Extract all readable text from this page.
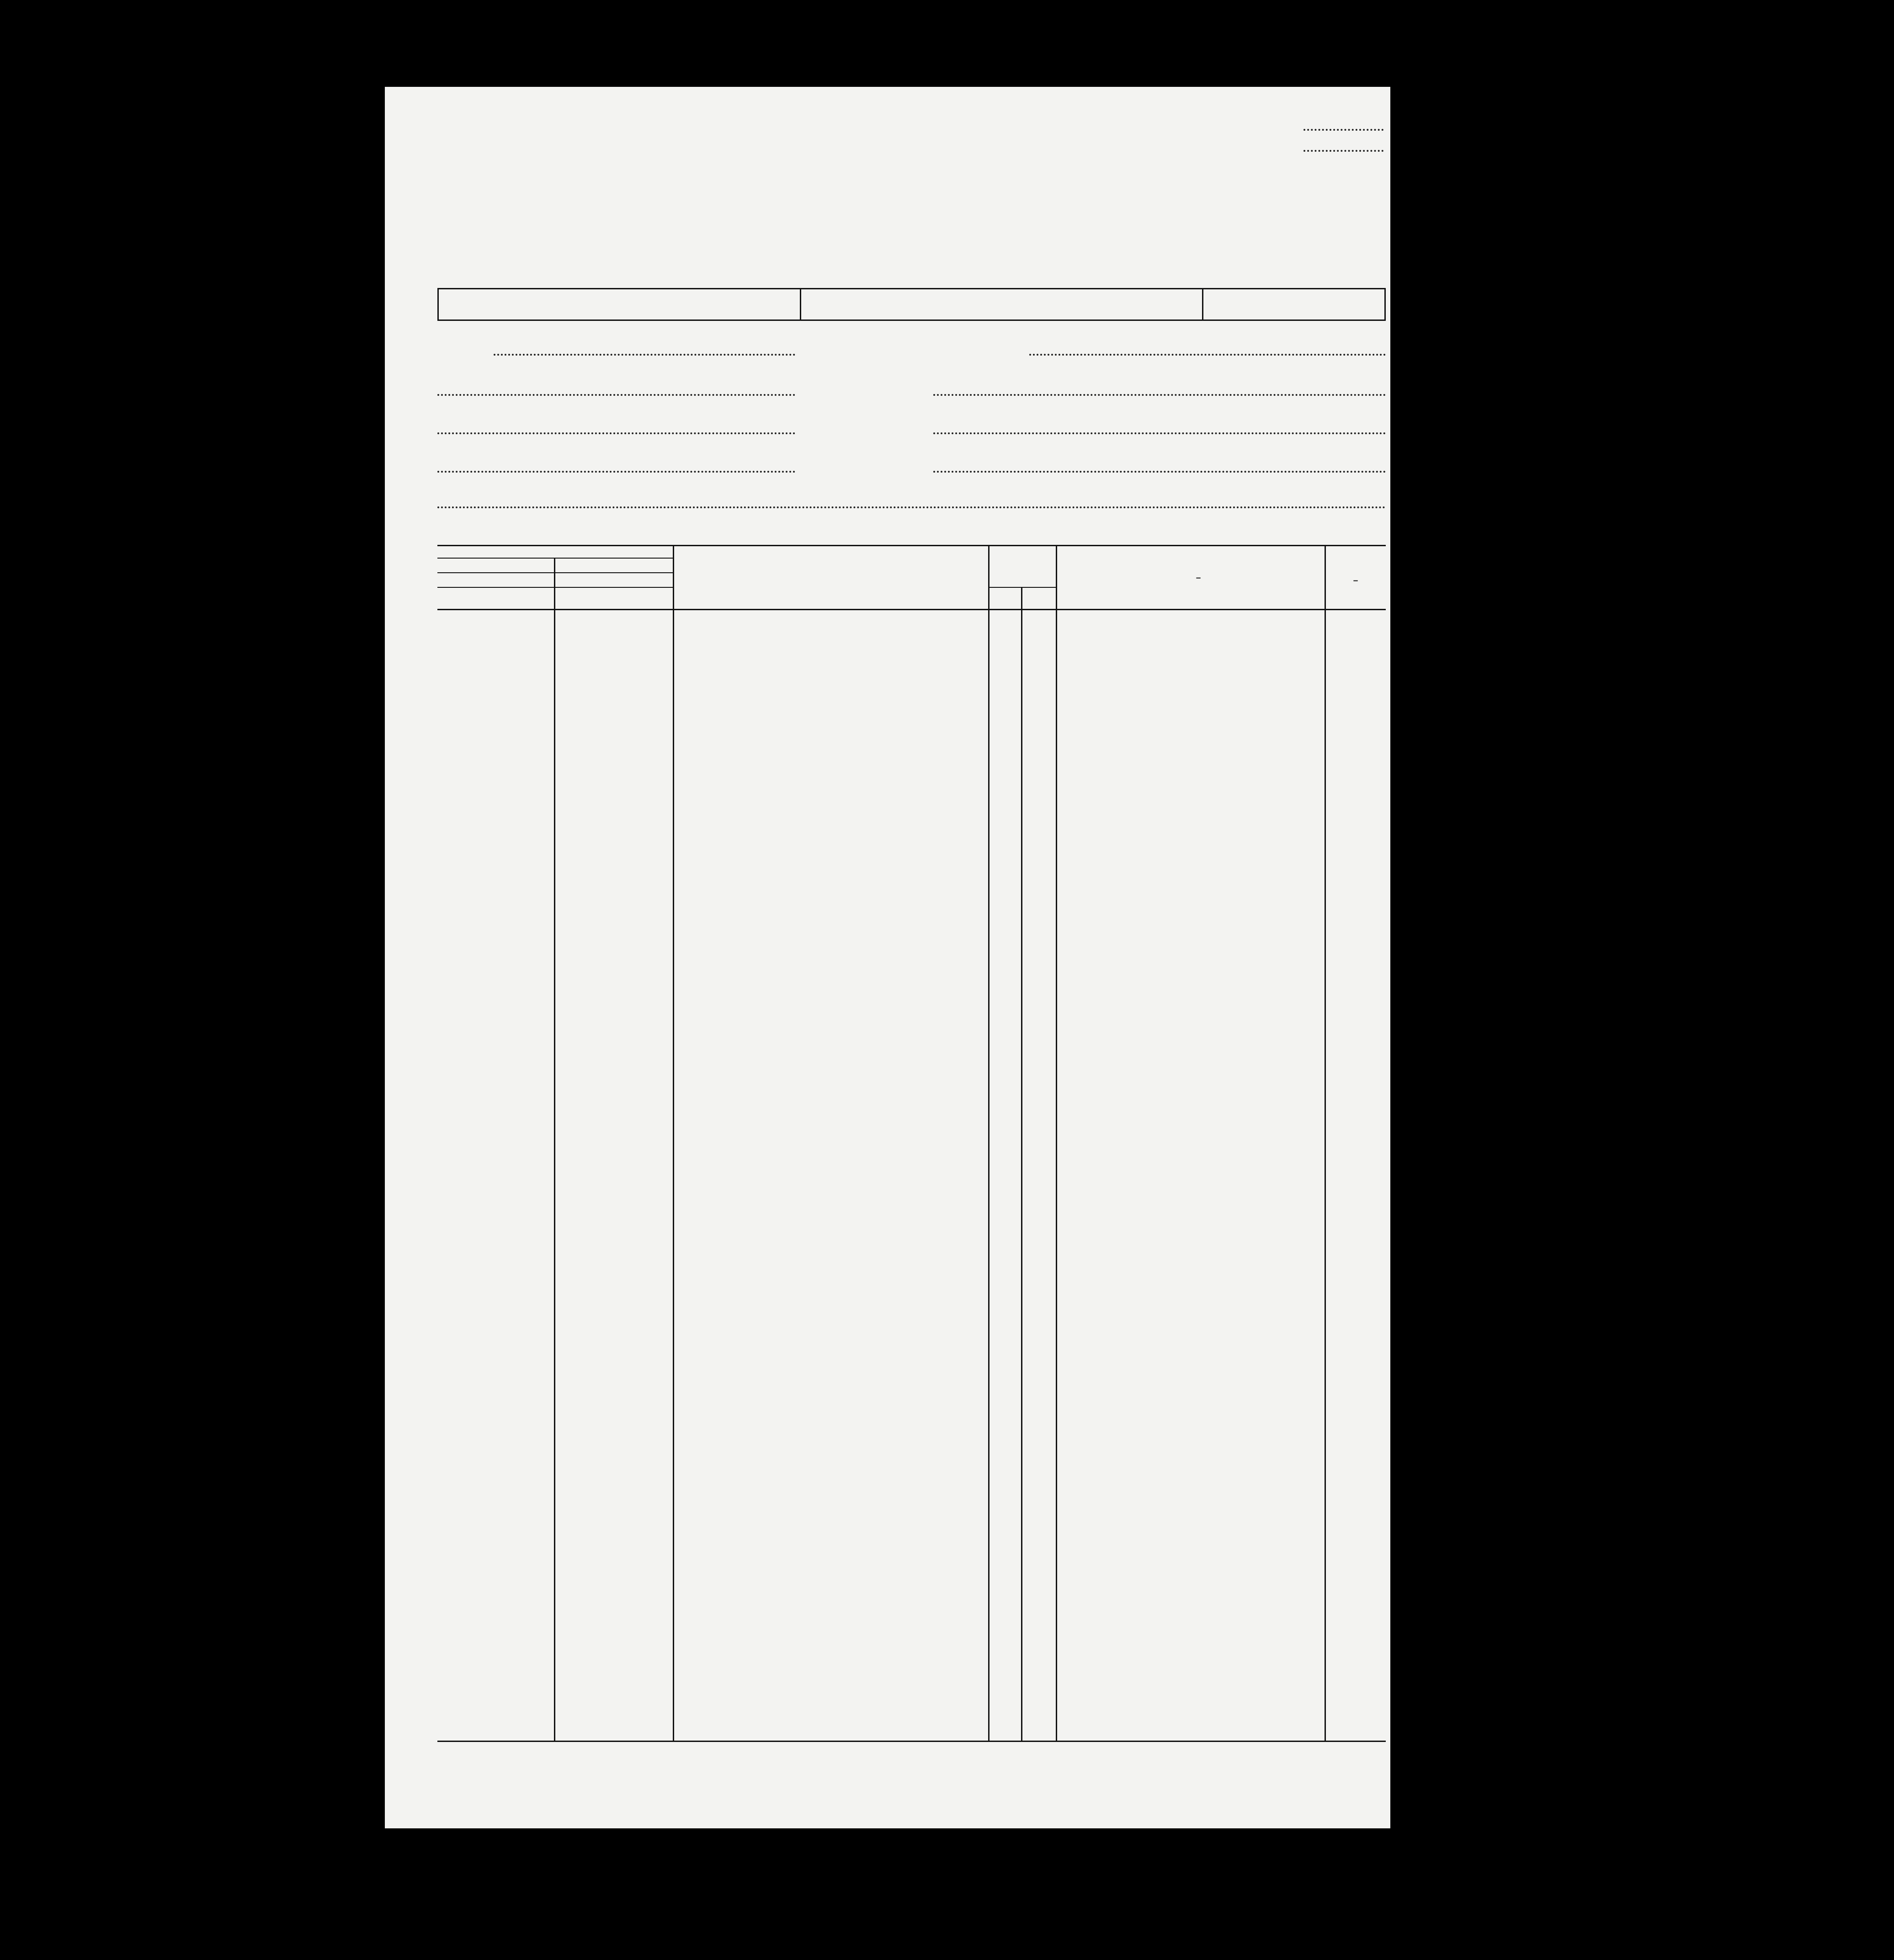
–	–
